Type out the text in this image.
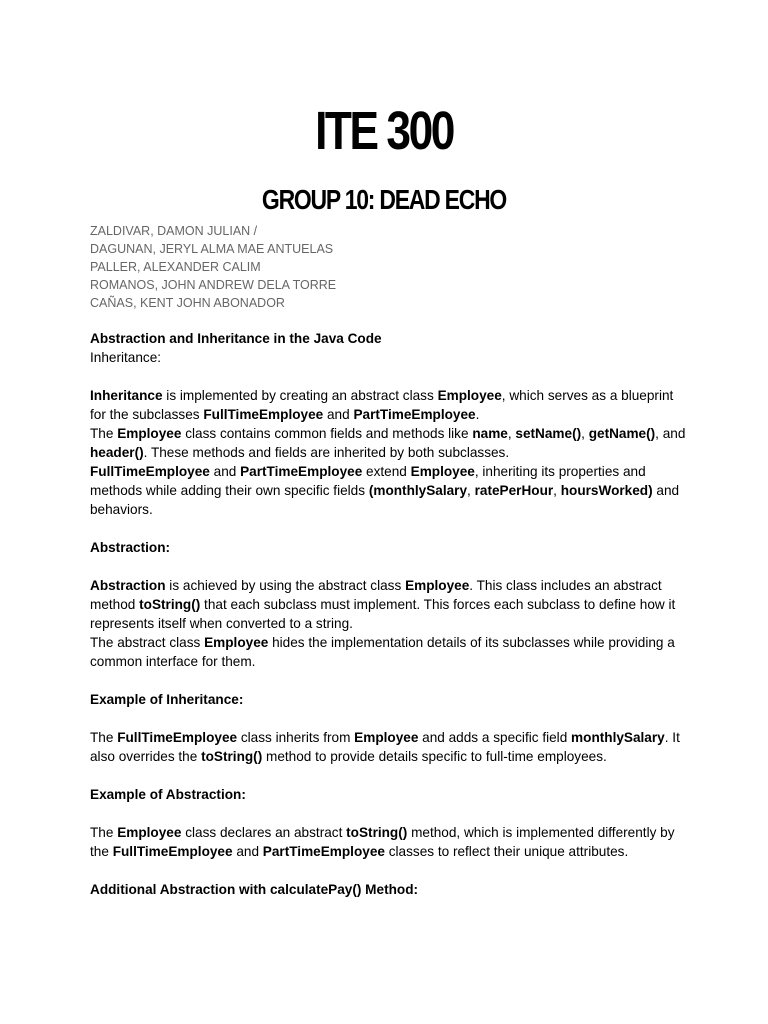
ITE 300
GROUP 10: DEAD ECHO
ZALDIVAR, DAMON JULIAN /
DAGUNAN, JERYL ALMA MAE ANTUELAS
PALLER, ALEXANDER CALIM
ROMANOS, JOHN ANDREW DELA TORRE
CAÑAS, KENT JOHN ABONADOR

Abstraction and Inheritance in the Java Code

Inheritance:

Inheritance is implemented by creating an abstract class Employee, which serves as a blueprint for the subclasses FullTimeEmployee and PartTimeEmployee.

The Employee class contains common fields and methods like name, setName(), getName(), and header(). These methods and fields are inherited by both subclasses.

FullTimeEmployee and PartTimeEmployee extend Employee, inheriting its properties and methods while adding their own specific fields (monthlySalary, ratePerHour, hoursWorked) and behaviors.

Abstraction:

Abstraction is achieved by using the abstract class Employee. This class includes an abstract method toString() that each subclass must implement. This forces each subclass to define how it represents itself when converted to a string.

The abstract class Employee hides the implementation details of its subclasses while providing a common interface for them.

Example of Inheritance:

The FullTimeEmployee class inherits from Employee and adds a specific field monthlySalary. It also overrides the toString() method to provide details specific to full-time employees.

Example of Abstraction:

The Employee class declares an abstract toString() method, which is implemented differently by the FullTimeEmployee and PartTimeEmployee classes to reflect their unique attributes.

Additional Abstraction with calculatePay() Method:
